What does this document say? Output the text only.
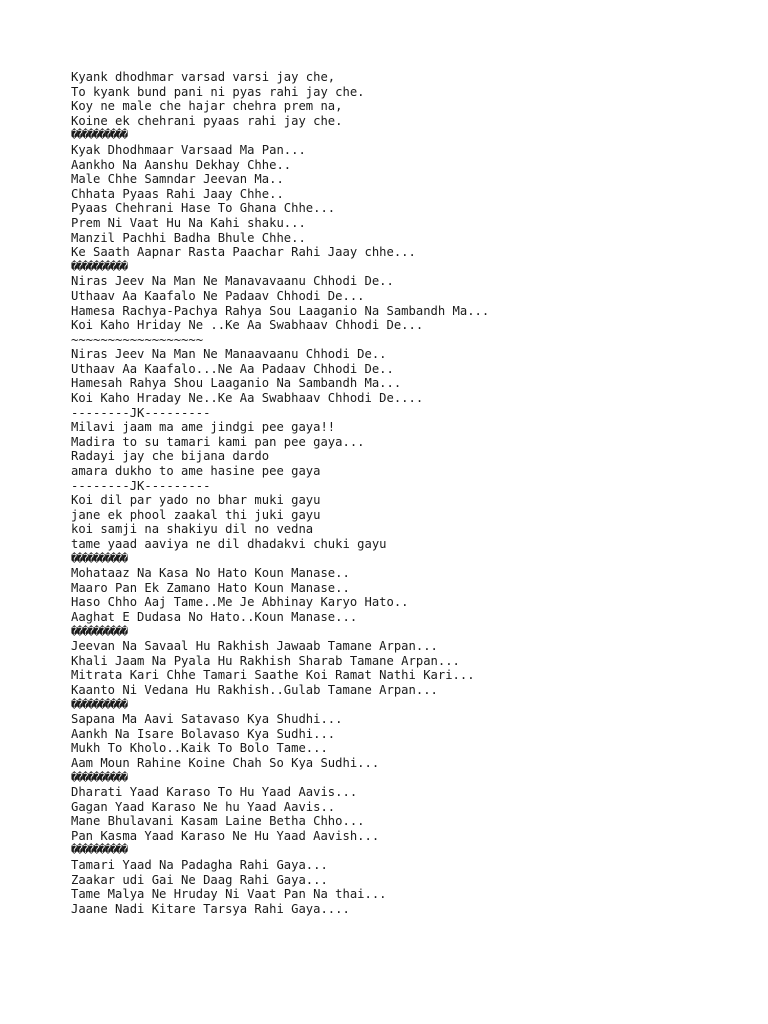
Kyank dhodhmar varsad varsi jay che,
To kyank bund pani ni pyas rahi jay che.
Koy ne male che hajar chehra prem na,
Koine ek chehrani pyaas rahi jay che.
����������
Kyak Dhodhmaar Varsaad Ma Pan...
Aankho Na Aanshu Dekhay Chhe..
Male Chhe Samndar Jeevan Ma..
Chhata Pyaas Rahi Jaay Chhe..
Pyaas Chehrani Hase To Ghana Chhe...
Prem Ni Vaat Hu Na Kahi shaku...
Manzil Pachhi Badha Bhule Chhe..
Ke Saath Aapnar Rasta Paachar Rahi Jaay chhe...
����������
Niras Jeev Na Man Ne Manavavaanu Chhodi De..
Uthaav Aa Kaafalo Ne Padaav Chhodi De...
Hamesa Rachya-Pachya Rahya Sou Laaganio Na Sambandh Ma...
Koi Kaho Hriday Ne ..Ke Aa Swabhaav Chhodi De...
~~~~~~~~~~~~~~~~~~
Niras Jeev Na Man Ne Manaavaanu Chhodi De..
Uthaav Aa Kaafalo...Ne Aa Padaav Chhodi De..
Hamesah Rahya Shou Laaganio Na Sambandh Ma...
Koi Kaho Hraday Ne..Ke Aa Swabhaav Chhodi De....
--------JK---------
Milavi jaam ma ame jindgi pee gaya!!
Madira to su tamari kami pan pee gaya...
Radayi jay che bijana dardo
amara dukho to ame hasine pee gaya
--------JK---------
Koi dil par yado no bhar muki gayu
jane ek phool zaakal thi juki gayu
koi samji na shakiyu dil no vedna
tame yaad aaviya ne dil dhadakvi chuki gayu
����������
Mohataaz Na Kasa No Hato Koun Manase..
Maaro Pan Ek Zamano Hato Koun Manase..
Haso Chho Aaj Tame..Me Je Abhinay Karyo Hato..
Aaghat E Dudasa No Hato..Koun Manase...
����������
Jeevan Na Savaal Hu Rakhish Jawaab Tamane Arpan...
Khali Jaam Na Pyala Hu Rakhish Sharab Tamane Arpan...
Mitrata Kari Chhe Tamari Saathe Koi Ramat Nathi Kari...
Kaanto Ni Vedana Hu Rakhish..Gulab Tamane Arpan...
����������
Sapana Ma Aavi Satavaso Kya Shudhi...
Aankh Na Isare Bolavaso Kya Sudhi...
Mukh To Kholo..Kaik To Bolo Tame...
Aam Moun Rahine Koine Chah So Kya Sudhi...
����������
Dharati Yaad Karaso To Hu Yaad Aavis...
Gagan Yaad Karaso Ne hu Yaad Aavis..
Mane Bhulavani Kasam Laine Betha Chho...
Pan Kasma Yaad Karaso Ne Hu Yaad Aavish...
����������
Tamari Yaad Na Padagha Rahi Gaya...
Zaakar udi Gai Ne Daag Rahi Gaya...
Tame Malya Ne Hruday Ni Vaat Pan Na thai...
Jaane Nadi Kitare Tarsya Rahi Gaya....
